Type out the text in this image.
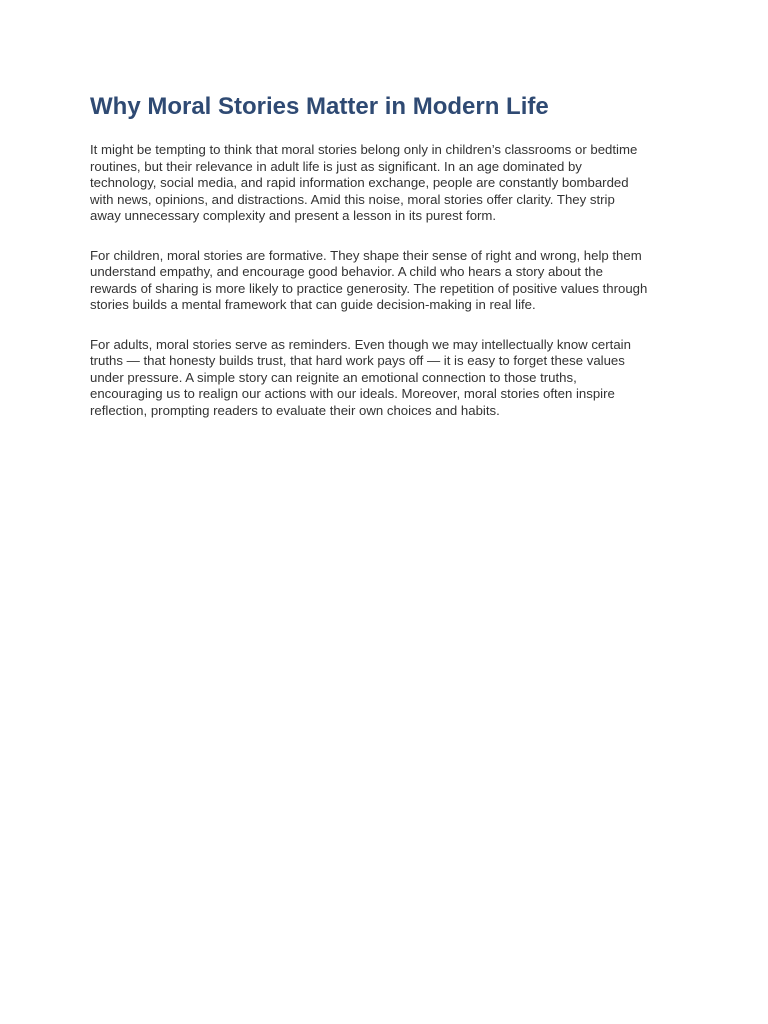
Why Moral Stories Matter in Modern Life

It might be tempting to think that moral stories belong only in children’s classrooms or bedtime
routines, but their relevance in adult life is just as significant. In an age dominated by
technology, social media, and rapid information exchange, people are constantly bombarded
with news, opinions, and distractions. Amid this noise, moral stories offer clarity. They strip
away unnecessary complexity and present a lesson in its purest form.

For children, moral stories are formative. They shape their sense of right and wrong, help them
understand empathy, and encourage good behavior. A child who hears a story about the
rewards of sharing is more likely to practice generosity. The repetition of positive values through
stories builds a mental framework that can guide decision-making in real life.

For adults, moral stories serve as reminders. Even though we may intellectually know certain
truths — that honesty builds trust, that hard work pays off — it is easy to forget these values
under pressure. A simple story can reignite an emotional connection to those truths,
encouraging us to realign our actions with our ideals. Moreover, moral stories often inspire
reflection, prompting readers to evaluate their own choices and habits.
